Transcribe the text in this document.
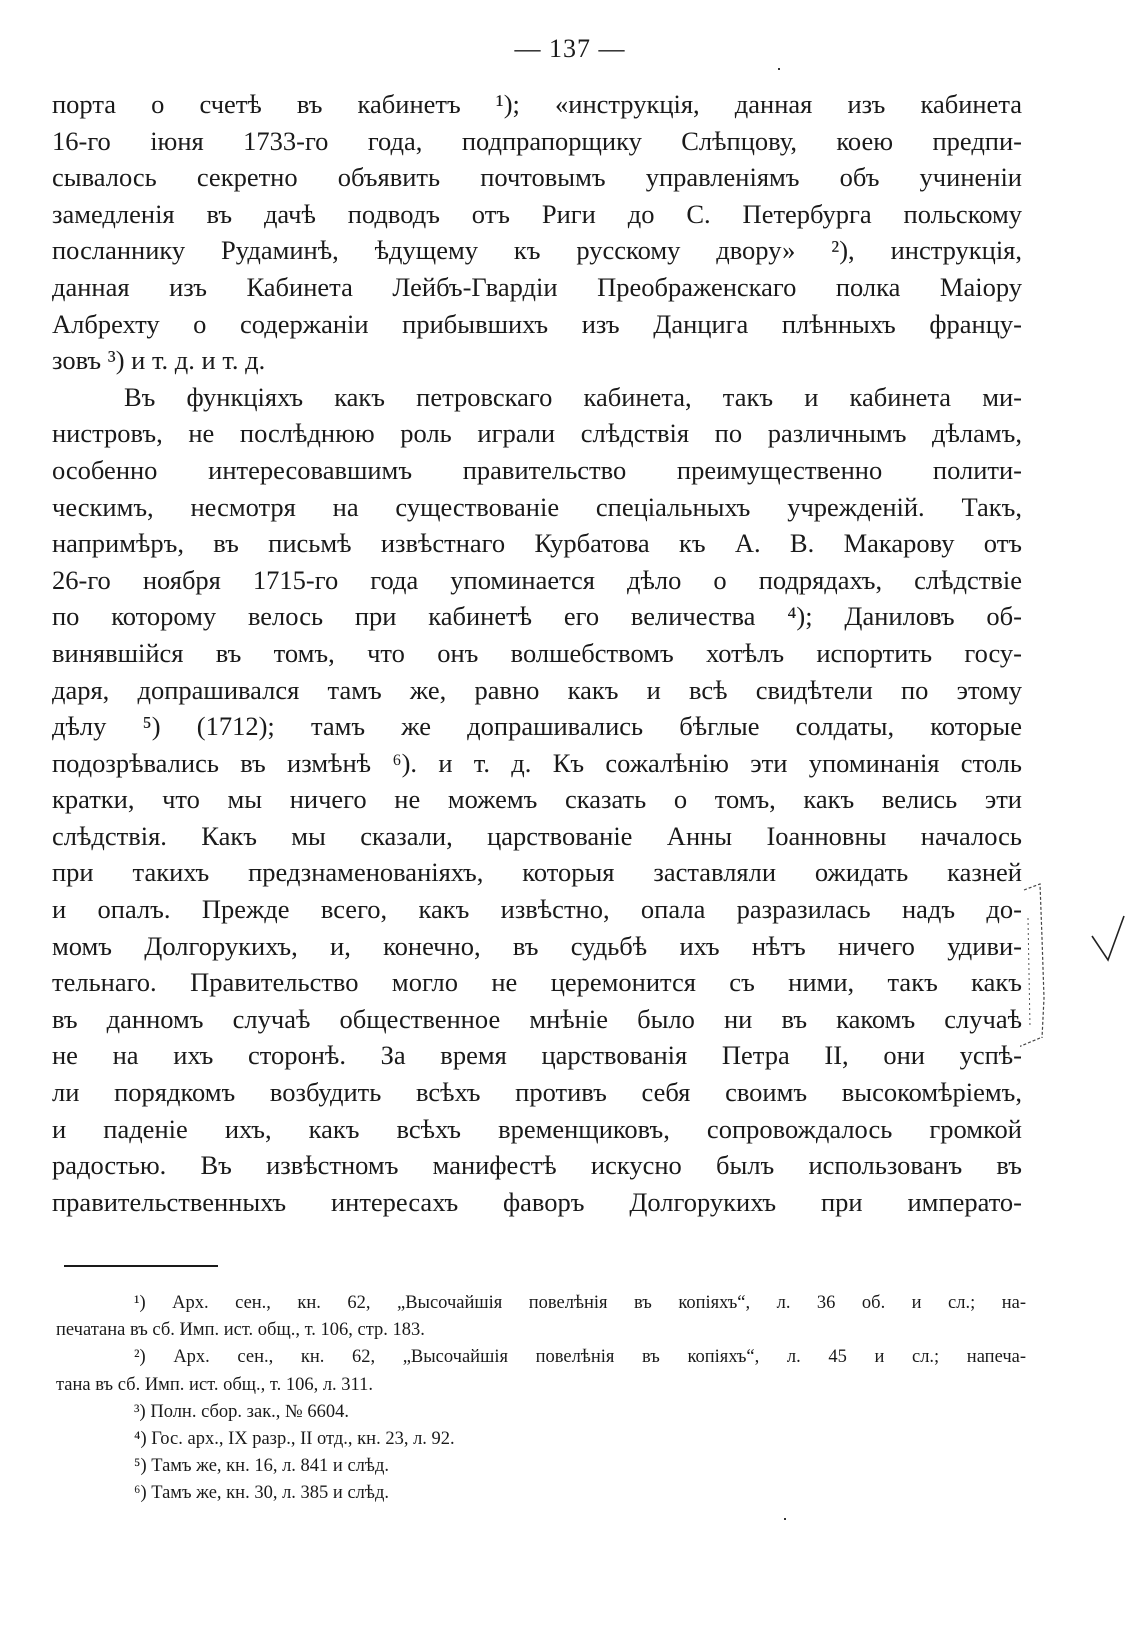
— 137 —
порта о счетѣ въ кабинетъ ¹); «инструкція, данная изъ кабинета
16-го іюня 1733-го года, подпрапорщику Слѣпцову, коею предпи-
сывалось секретно объявить почтовымъ управленіямъ объ учиненіи
замедленія въ дачѣ подводъ отъ Риги до С. Петербурга польскому
посланнику Рудаминѣ, ѣдущему къ русскому двору» ²), инструкція,
данная изъ Кабинета Лейбъ-Гвардіи Преображенскаго полка Маіору
Албрехту о содержаніи прибывшихъ изъ Данцига плѣнныхъ францу-
зовъ ³) и т. д. и т. д.
Въ функціяхъ какъ петровскаго кабинета, такъ и кабинета ми-
нистровъ, не послѣднюю роль играли слѣдствія по различнымъ дѣламъ,
особенно интересовавшимъ правительство преимущественно полити-
ческимъ, несмотря на существованіе спеціальныхъ учрежденій. Такъ,
напримѣръ, въ письмѣ извѣстнаго Курбатова къ А. В. Макарову отъ
26-го ноября 1715-го года упоминается дѣло о подрядахъ, слѣдствіе
по которому велось при кабинетѣ его величества ⁴); Даниловъ об-
винявшійся въ томъ, что онъ волшебствомъ хотѣлъ испортить госу-
даря, допрашивался тамъ же, равно какъ и всѣ свидѣтели по этому
дѣлу ⁵) (1712); тамъ же допрашивались бѣглые солдаты, которые
подозрѣвались въ измѣнѣ ⁶). и т. д. Къ сожалѣнію эти упоминанія столь
кратки, что мы ничего не можемъ сказать о томъ, какъ велись эти
слѣдствія. Какъ мы сказали, царствованіе Анны Іоанновны началось
при такихъ предзнаменованіяхъ, которыя заставляли ожидать казней
и опалъ. Прежде всего, какъ извѣстно, опала разразилась надъ до-
момъ Долгорукихъ, и, конечно, въ судьбѣ ихъ нѣтъ ничего удиви-
тельнаго. Правительство могло не церемонится съ ними, такъ какъ
въ данномъ случаѣ общественное мнѣніе было ни въ какомъ случаѣ
не на ихъ сторонѣ. За время царствованія Петра II, они успѣ-
ли порядкомъ возбудить всѣхъ противъ себя своимъ высокомѣріемъ,
и паденіе ихъ, какъ всѣхъ временщиковъ, сопровождалось громкой
радостью. Въ извѣстномъ манифестѣ искусно былъ использованъ въ
правительственныхъ интересахъ фаворъ Долгорукихъ при императо-
¹) Арх. сен., кн. 62, „Высочайшія повелѣнія въ копіяхъ“, л. 36 об. и сл.; на-
печатана въ сб. Имп. ист. общ., т. 106, стр. 183.
²) Арх. сен., кн. 62, „Высочайшія повелѣнія въ копіяхъ“, л. 45 и сл.; напеча-
тана въ сб. Имп. ист. общ., т. 106, л. 311.
³) Полн. сбор. зак., № 6604.
⁴) Гос. арх., IX разр., II отд., кн. 23, л. 92.
⁵) Тамъ же, кн. 16, л. 841 и слѣд.
⁶) Тамъ же, кн. 30, л. 385 и слѣд.
